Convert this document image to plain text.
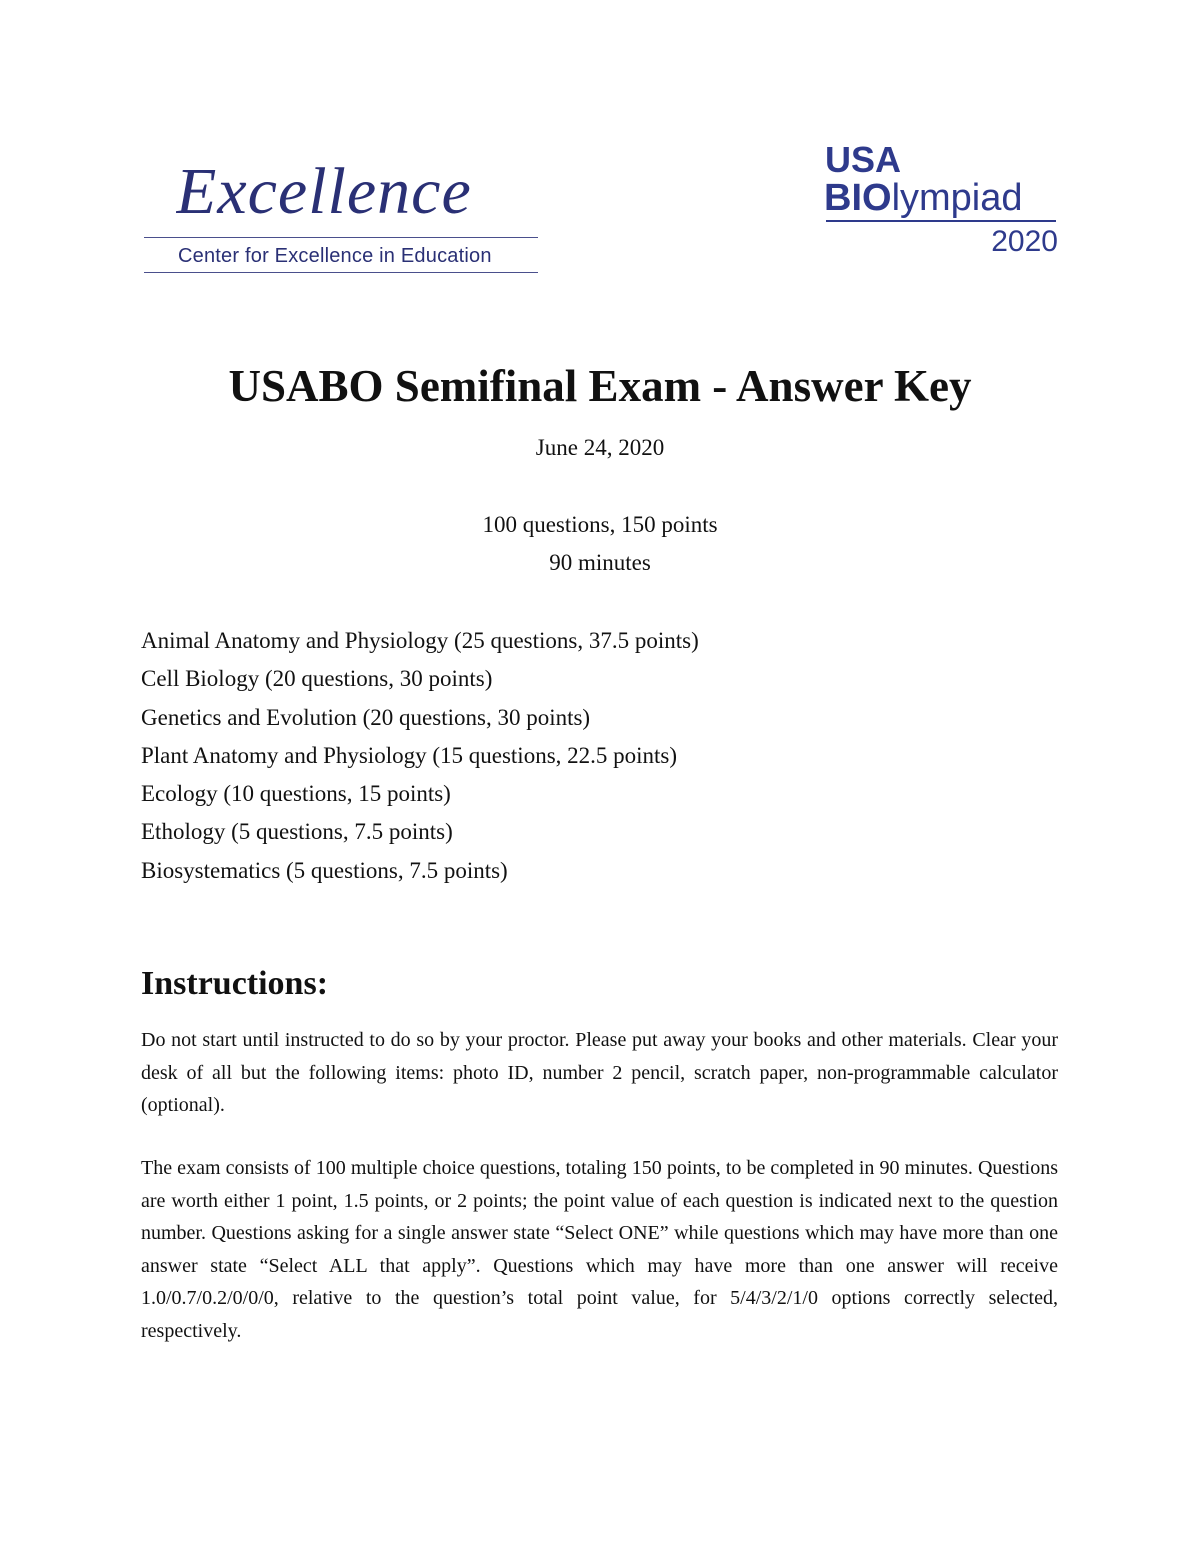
Excellence
Center for Excellence in Education
USA
BIOlympiad
2020
USABO Semifinal Exam - Answer Key
June 24, 2020
100 questions, 150 points
90 minutes
Animal Anatomy and Physiology (25 questions, 37.5 points)
Cell Biology (20 questions, 30 points)
Genetics and Evolution (20 questions, 30 points)
Plant Anatomy and Physiology (15 questions, 22.5 points)
Ecology (10 questions, 15 points)
Ethology (5 questions, 7.5 points)
Biosystematics (5 questions, 7.5 points)
Instructions:

Do not start until instructed to do so by your proctor. Please put away your books and other materials. Clear your desk of all but the following items: photo ID, number 2 pencil, scratch paper, non-programmable calculator (optional).

The exam consists of 100 multiple choice questions, totaling 150 points, to be completed in 90 minutes. Questions are worth either 1 point, 1.5 points, or 2 points; the point value of each question is indicated next to the question number. Questions asking for a single answer state “Select ONE” while questions which may have more than one answer state “Select ALL that apply”. Questions which may have more than one answer will receive 1.0/0.7/0.2/0/0/0, relative to the question’s total point value, for 5/4/3/2/1/0 options correctly selected, respectively.
